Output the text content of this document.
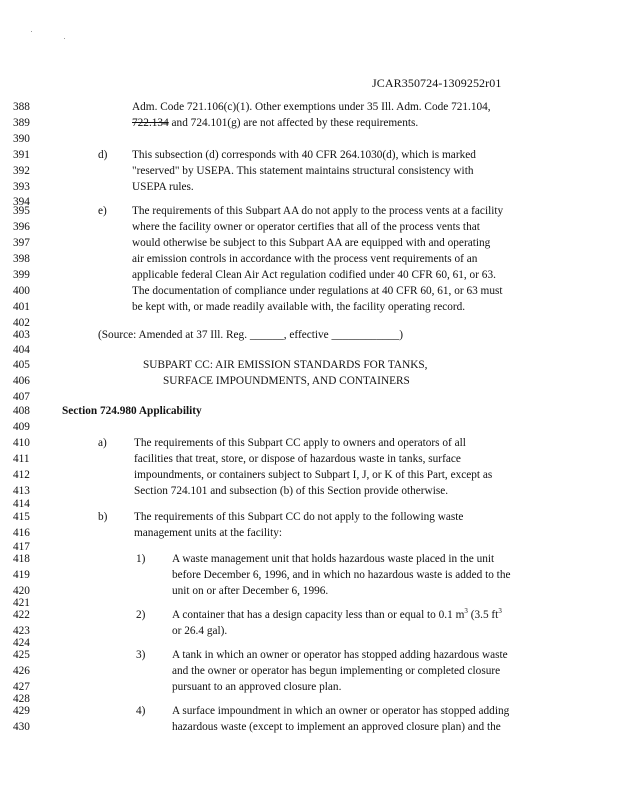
JCAR350724-1309252r01
388
389
390
391
392
393
394
395
396
397
398
399
400
401
402
403
404
405
406
407
408
409
410
411
412
413
414
415
416
417
418
419
420
421
422
423
424
425
426
427
428
429
430
Adm. Code 721.106(c)(1). Other exemptions under 35 Ill. Adm. Code 721.104,
722.134 and 724.101(g) are not affected by these requirements.
d) This subsection (d) corresponds with 40 CFR 264.1030(d), which is marked
"reserved" by USEPA. This statement maintains structural consistency with
USEPA rules.
e) The requirements of this Subpart AA do not apply to the process vents at a facility
where the facility owner or operator certifies that all of the process vents that
would otherwise be subject to this Subpart AA are equipped with and operating
air emission controls in accordance with the process vent requirements of an
applicable federal Clean Air Act regulation codified under 40 CFR 60, 61, or 63.
The documentation of compliance under regulations at 40 CFR 60, 61, or 63 must
be kept with, or made readily available with, the facility operating record.
(Source: Amended at 37 Ill. Reg. ______, effective ____________)
SUBPART CC: AIR EMISSION STANDARDS FOR TANKS,
SURFACE IMPOUNDMENTS, AND CONTAINERS
Section 724.980 Applicability
a) The requirements of this Subpart CC apply to owners and operators of all
facilities that treat, store, or dispose of hazardous waste in tanks, surface
impoundments, or containers subject to Subpart I, J, or K of this Part, except as
Section 724.101 and subsection (b) of this Section provide otherwise.
b) The requirements of this Subpart CC do not apply to the following waste
management units at the facility:
1) A waste management unit that holds hazardous waste placed in the unit
before December 6, 1996, and in which no hazardous waste is added to the
unit on or after December 6, 1996.
2) A container that has a design capacity less than or equal to 0.1 $m^3$ (3.5 $ft^3$
or 26.4 gal).
3) A tank in which an owner or operator has stopped adding hazardous waste
and the owner or operator has begun implementing or completed closure
pursuant to an approved closure plan.
4) A surface impoundment in which an owner or operator has stopped adding
hazardous waste (except to implement an approved closure plan) and the
